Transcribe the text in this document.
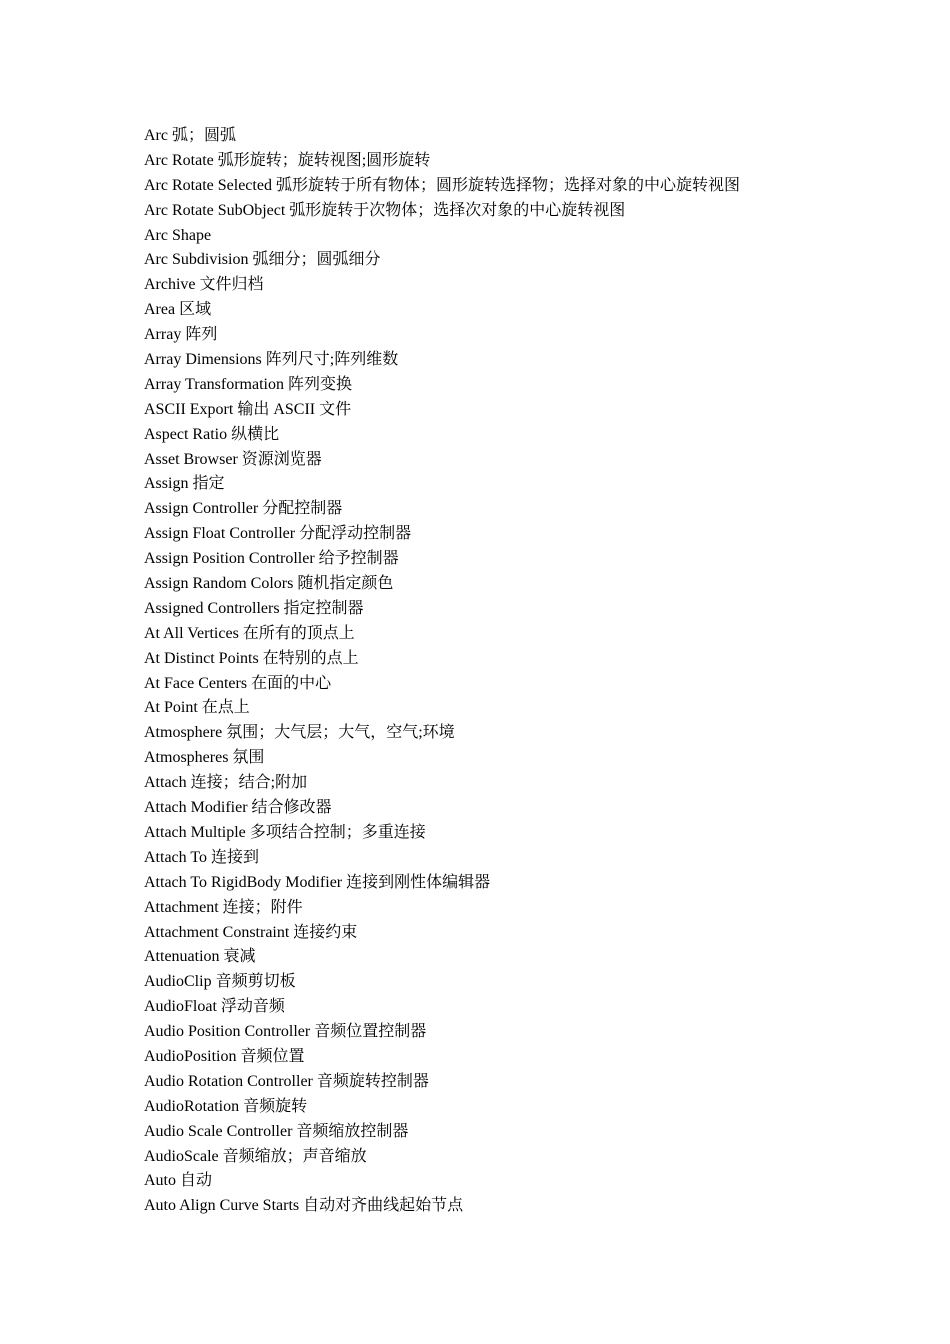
Arc 弧；圆弧
Arc Rotate 弧形旋转；旋转视图;圆形旋转
Arc Rotate Selected 弧形旋转于所有物体；圆形旋转选择物；选择对象的中心旋转视图
Arc Rotate SubObject 弧形旋转于次物体；选择次对象的中心旋转视图
Arc Shape
Arc Subdivision 弧细分；圆弧细分
Archive 文件归档
Area 区域
Array 阵列
Array Dimensions 阵列尺寸;阵列维数
Array Transformation 阵列变换
ASCII Export 输出 ASCII 文件
Aspect Ratio 纵横比
Asset Browser 资源浏览器
Assign 指定
Assign Controller 分配控制器
Assign Float Controller 分配浮动控制器
Assign Position Controller 给予控制器
Assign Random Colors 随机指定颜色
Assigned Controllers 指定控制器
At All Vertices 在所有的顶点上
At Distinct Points 在特别的点上
At Face Centers 在面的中心
At Point 在点上
Atmosphere 氛围；大气层；大气，空气;环境
Atmospheres 氛围
Attach 连接；结合;附加
Attach Modifier 结合修改器
Attach Multiple 多项结合控制；多重连接
Attach To 连接到
Attach To RigidBody Modifier 连接到刚性体编辑器
Attachment 连接；附件
Attachment Constraint 连接约束
Attenuation 衰减
AudioClip 音频剪切板
AudioFloat 浮动音频
Audio Position Controller 音频位置控制器
AudioPosition 音频位置
Audio Rotation Controller 音频旋转控制器
AudioRotation 音频旋转
Audio Scale Controller 音频缩放控制器
AudioScale 音频缩放；声音缩放
Auto 自动
Auto Align Curve Starts 自动对齐曲线起始节点
